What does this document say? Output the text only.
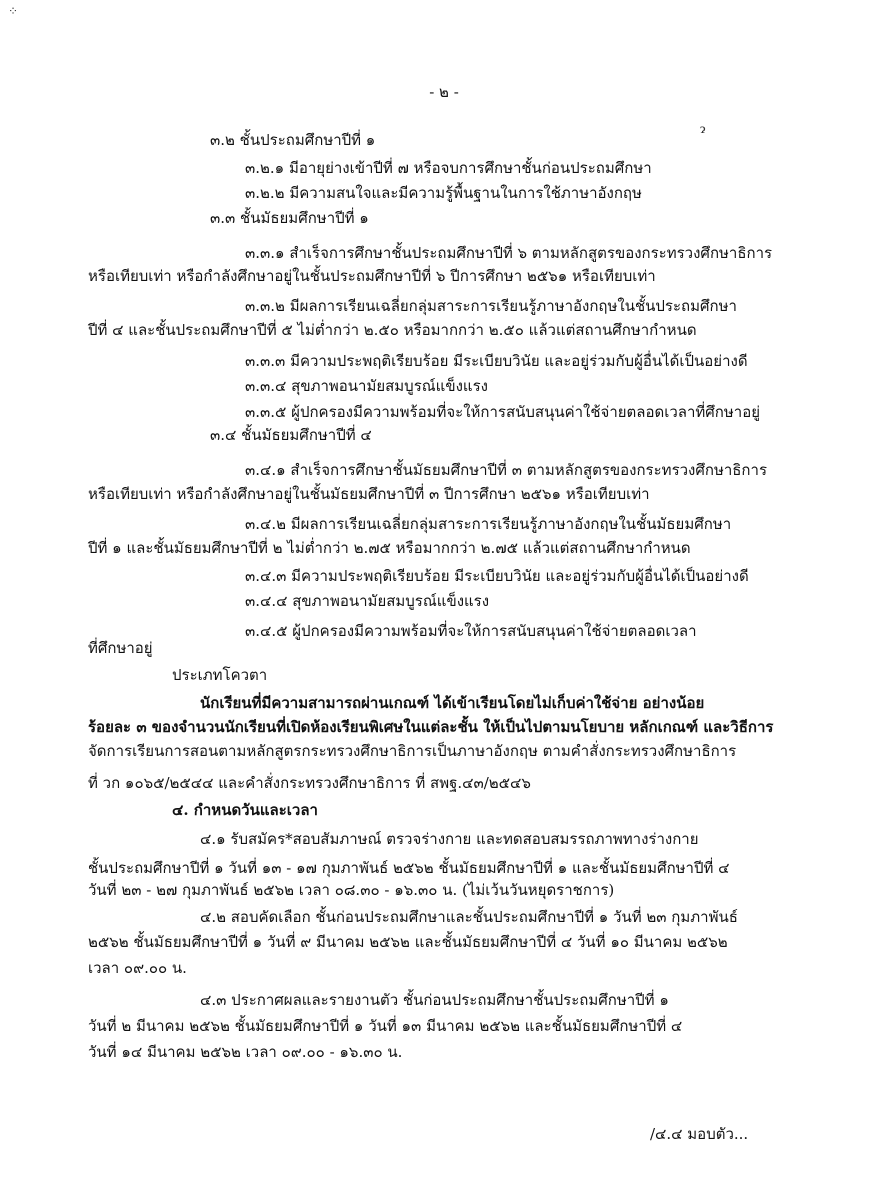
⁘
ɂ
- ๒ -
๓.๒ ชั้นประถมศึกษาปีที่ ๑
๓.๒.๑ มีอายุย่างเข้าปีที่ ๗ หรือจบการศึกษาชั้นก่อนประถมศึกษา
๓.๒.๒ มีความสนใจและมีความรู้พื้นฐานในการใช้ภาษาอังกฤษ
๓.๓ ชั้นมัธยมศึกษาปีที่ ๑
๓.๓.๑ สำเร็จการศึกษาชั้นประถมศึกษาปีที่ ๖ ตามหลักสูตรของกระทรวงศึกษาธิการ
หรือเทียบเท่า หรือกำลังศึกษาอยู่ในชั้นประถมศึกษาปีที่ ๖ ปีการศึกษา ๒๕๖๑ หรือเทียบเท่า
๓.๓.๒ มีผลการเรียนเฉลี่ยกลุ่มสาระการเรียนรู้ภาษาอังกฤษในชั้นประถมศึกษา
ปีที่ ๔ และชั้นประถมศึกษาปีที่ ๕ ไม่ต่ำกว่า ๒.๕๐ หรือมากกว่า ๒.๕๐ แล้วแต่สถานศึกษากำหนด
๓.๓.๓ มีความประพฤติเรียบร้อย มีระเบียบวินัย และอยู่ร่วมกับผู้อื่นได้เป็นอย่างดี
๓.๓.๔ สุขภาพอนามัยสมบูรณ์แข็งแรง
๓.๓.๕ ผู้ปกครองมีความพร้อมที่จะให้การสนับสนุนค่าใช้จ่ายตลอดเวลาที่ศึกษาอยู่
๓.๔ ชั้นมัธยมศึกษาปีที่ ๔
๓.๔.๑ สำเร็จการศึกษาชั้นมัธยมศึกษาปีที่ ๓ ตามหลักสูตรของกระทรวงศึกษาธิการ
หรือเทียบเท่า หรือกำลังศึกษาอยู่ในชั้นมัธยมศึกษาปีที่ ๓ ปีการศึกษา ๒๕๖๑ หรือเทียบเท่า
๓.๔.๒ มีผลการเรียนเฉลี่ยกลุ่มสาระการเรียนรู้ภาษาอังกฤษในชั้นมัธยมศึกษา
ปีที่ ๑ และชั้นมัธยมศึกษาปีที่ ๒ ไม่ต่ำกว่า ๒.๗๕ หรือมากกว่า ๒.๗๕ แล้วแต่สถานศึกษากำหนด
๓.๔.๓ มีความประพฤติเรียบร้อย มีระเบียบวินัย และอยู่ร่วมกับผู้อื่นได้เป็นอย่างดี
๓.๔.๔ สุขภาพอนามัยสมบูรณ์แข็งแรง
๓.๔.๕ ผู้ปกครองมีความพร้อมที่จะให้การสนับสนุนค่าใช้จ่ายตลอดเวลา
ที่ศึกษาอยู่
ประเภทโควตา
นักเรียนที่มีความสามารถผ่านเกณฑ์ ได้เข้าเรียนโดยไม่เก็บค่าใช้จ่าย อย่างน้อย
ร้อยละ ๓ ของจำนวนนักเรียนที่เปิดห้องเรียนพิเศษในแต่ละชั้น ให้เป็นไปตามนโยบาย หลักเกณฑ์ และวิธีการ
จัดการเรียนการสอนตามหลักสูตรกระทรวงศึกษาธิการเป็นภาษาอังกฤษ ตามคำสั่งกระทรวงศึกษาธิการ
ที่ วก ๑๐๖๕/๒๕๔๔ และคำสั่งกระทรวงศึกษาธิการ ที่ สพฐ.๔๓/๒๕๔๖
๔. กำหนดวันและเวลา
๔.๑ รับสมัคร*สอบสัมภาษณ์ ตรวจร่างกาย และทดสอบสมรรถภาพทางร่างกาย
ชั้นประถมศึกษาปีที่ ๑ วันที่ ๑๓ - ๑๗ กุมภาพันธ์ ๒๕๖๒ ชั้นมัธยมศึกษาปีที่ ๑ และชั้นมัธยมศึกษาปีที่ ๔
วันที่ ๒๓ - ๒๗ กุมภาพันธ์ ๒๕๖๒ เวลา ๐๘.๓๐ - ๑๖.๓๐ น. (ไม่เว้นวันหยุดราชการ)
๔.๒ สอบคัดเลือก ชั้นก่อนประถมศึกษาและชั้นประถมศึกษาปีที่ ๑ วันที่ ๒๓ กุมภาพันธ์
๒๕๖๒ ชั้นมัธยมศึกษาปีที่ ๑ วันที่ ๙ มีนาคม ๒๕๖๒ และชั้นมัธยมศึกษาปีที่ ๔ วันที่ ๑๐ มีนาคม ๒๕๖๒
เวลา ๐๙.๐๐ น.
๔.๓ ประกาศผลและรายงานตัว ชั้นก่อนประถมศึกษาชั้นประถมศึกษาปีที่ ๑
วันที่ ๒ มีนาคม ๒๕๖๒ ชั้นมัธยมศึกษาปีที่ ๑ วันที่ ๑๓ มีนาคม ๒๕๖๒ และชั้นมัธยมศึกษาปีที่ ๔
วันที่ ๑๔ มีนาคม ๒๕๖๒ เวลา ๐๙.๐๐ - ๑๖.๓๐ น.
/๔.๔ มอบตัว...
